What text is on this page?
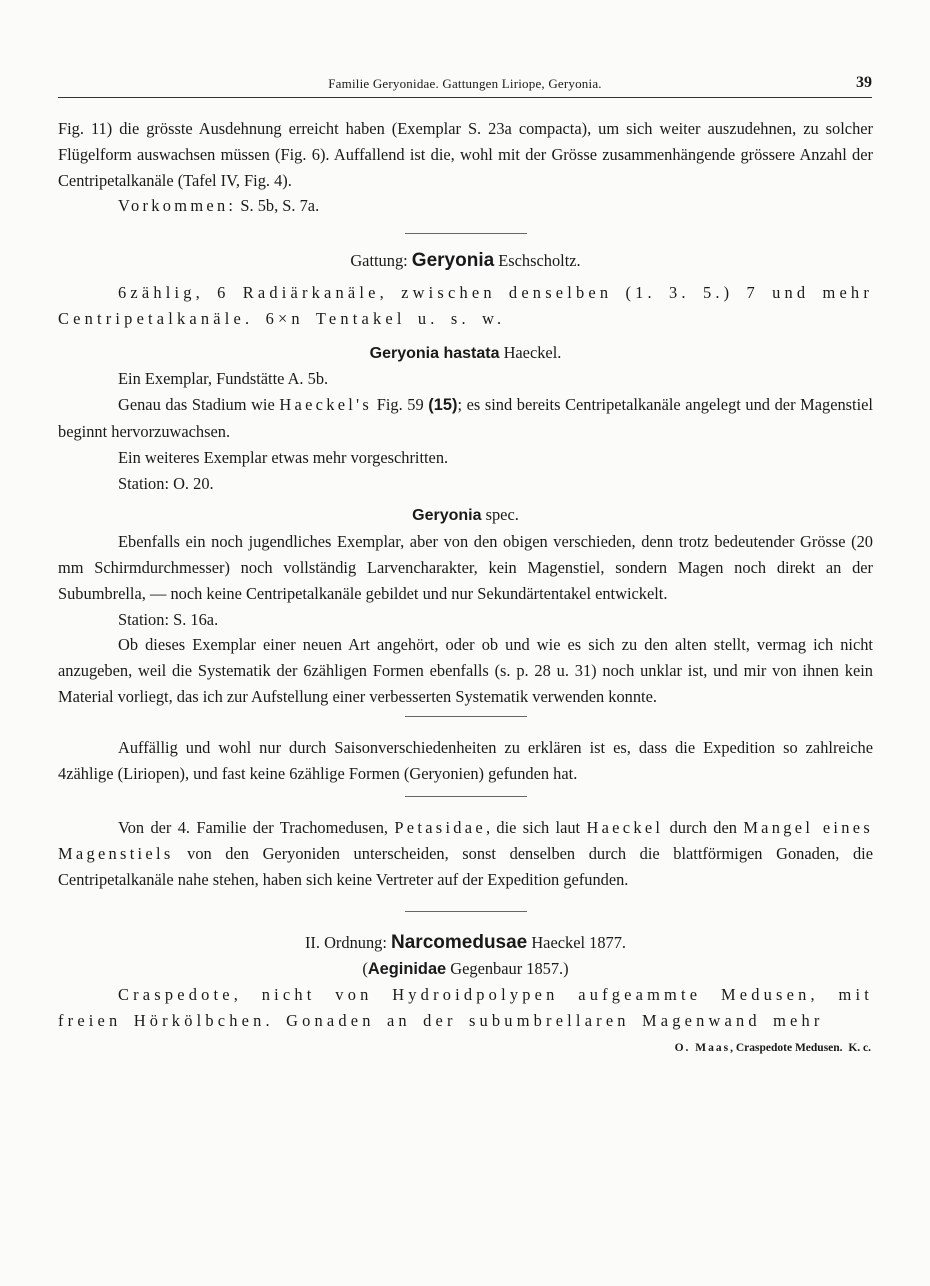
Familie Geryonidae. Gattungen Liriope, Geryonia.	39

Fig. 11) die grösste Ausdehnung erreicht haben (Exemplar S. 23a compacta), um sich weiter auszudehnen, zu solcher Flügelform auswachsen müssen (Fig. 6). Auffallend ist die, wohl mit der Grösse zusammenhängende grössere Anzahl der Centripetalkanäle (Tafel IV, Fig. 4).

Vorkommen: S. 5b, S. 7a.

Gattung: Geryonia Eschscholtz.

6zählig, 6 Radiärkanäle, zwischen denselben (1. 3. 5.) 7 und mehr Centripetalkanäle. 6×n Tentakel u. s. w.

Geryonia hastata Haeckel.

Ein Exemplar, Fundstätte A. 5b.

Genau das Stadium wie Haeckel's Fig. 59 (15); es sind bereits Centripetalkanäle angelegt und der Magenstiel beginnt hervorzuwachsen.

Ein weiteres Exemplar etwas mehr vorgeschritten.

Station: O. 20.

Geryonia spec.

Ebenfalls ein noch jugendliches Exemplar, aber von den obigen verschieden, denn trotz bedeutender Grösse (20 mm Schirmdurchmesser) noch vollständig Larvencharakter, kein Magenstiel, sondern Magen noch direkt an der Subumbrella, — noch keine Centripetalkanäle gebildet und nur Sekundärtentakel entwickelt.

Station: S. 16a.

Ob dieses Exemplar einer neuen Art angehört, oder ob und wie es sich zu den alten stellt, vermag ich nicht anzugeben, weil die Systematik der 6zähligen Formen ebenfalls (s. p. 28 u. 31) noch unklar ist, und mir von ihnen kein Material vorliegt, das ich zur Aufstellung einer verbesserten Systematik verwenden konnte.

Auffällig und wohl nur durch Saisonverschiedenheiten zu erklären ist es, dass die Expedition so zahlreiche 4zählige (Liriopen), und fast keine 6zählige Formen (Geryonien) gefunden hat.

Von der 4. Familie der Trachomedusen, Petasidae, die sich laut Haeckel durch den Mangel eines Magenstiels von den Geryoniden unterscheiden, sonst denselben durch die blattförmigen Gonaden, die Centripetalkanäle nahe stehen, haben sich keine Vertreter auf der Expedition gefunden.

II. Ordnung: Narcomedusae Haeckel 1877.

(Aeginidae Gegenbaur 1857.)

Craspedote, nicht von Hydroidpolypen aufgeammte Medusen, mit freien Hörkölbchen. Gonaden an der subumbrellaren Magenwand mehr

O. Maas, Craspedote Medusen. K. c.
